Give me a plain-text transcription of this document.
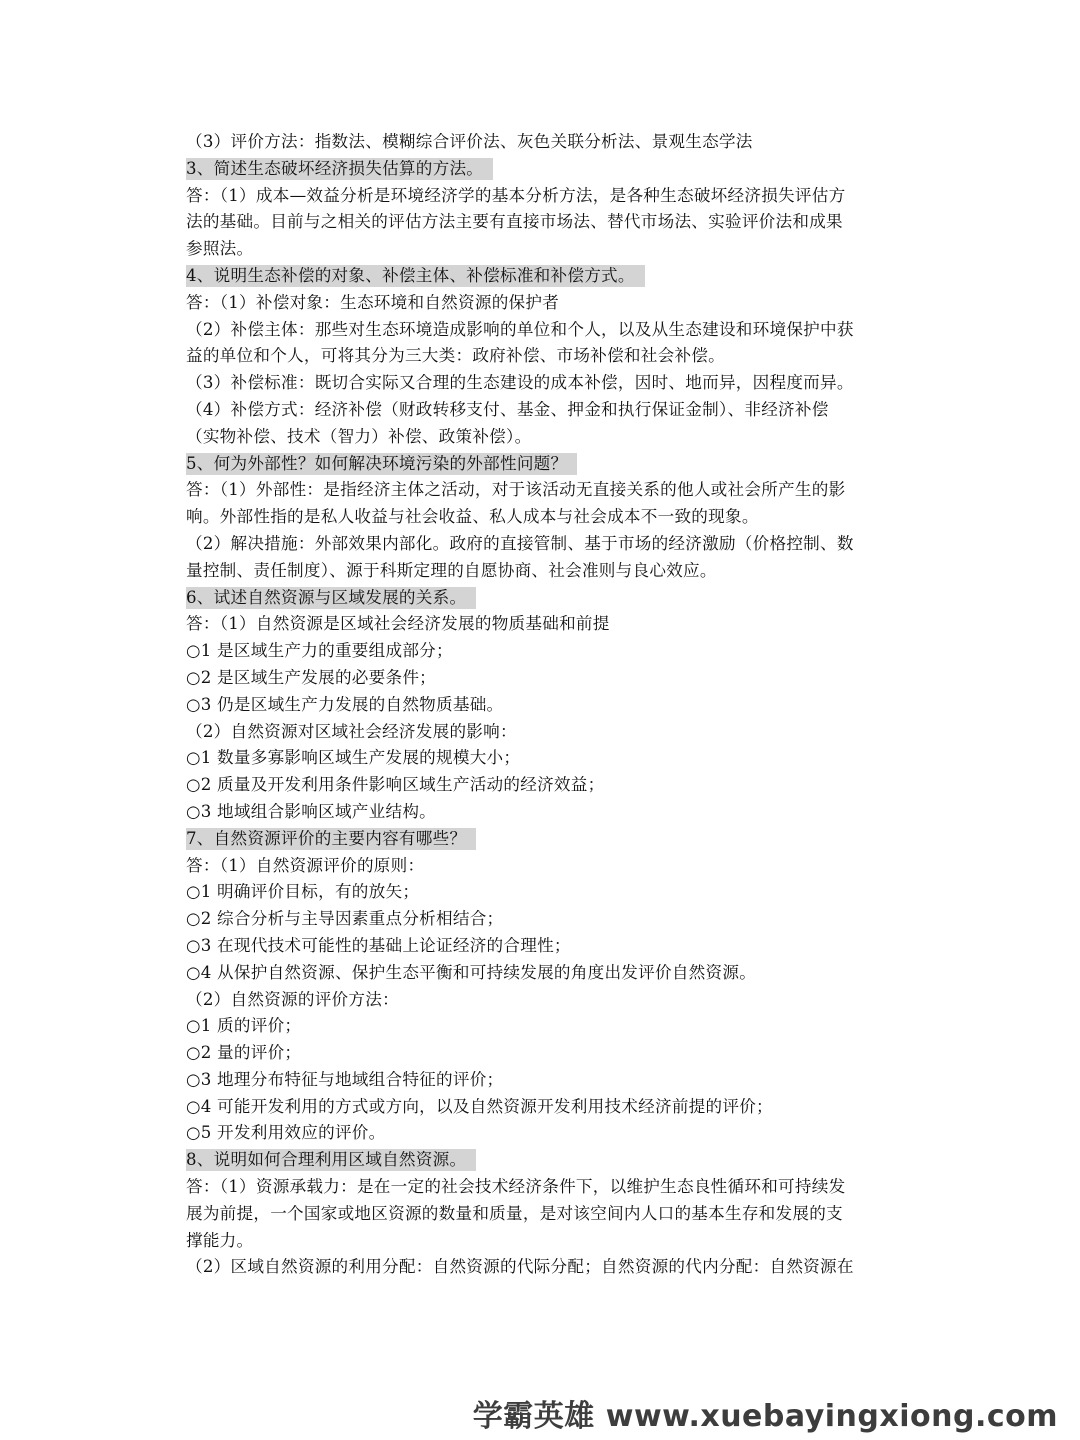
（3）评价方法：指数法、模糊综合评价法、灰色关联分析法、景观生态学法
3、简述生态破坏经济损失估算的方法。
答：（1）成本—效益分析是环境经济学的基本分析方法，是各种生态破坏经济损失评估方
法的基础。目前与之相关的评估方法主要有直接市场法、替代市场法、实验评价法和成果
参照法。
4、说明生态补偿的对象、补偿主体、补偿标准和补偿方式。
答：（1）补偿对象：生态环境和自然资源的保护者
（2）补偿主体：那些对生态环境造成影响的单位和个人，以及从生态建设和环境保护中获
益的单位和个人，可将其分为三大类：政府补偿、市场补偿和社会补偿。
（3）补偿标准：既切合实际又合理的生态建设的成本补偿，因时、地而异，因程度而异。
（4）补偿方式：经济补偿（财政转移支付、基金、押金和执行保证金制）、非经济补偿
（实物补偿、技术（智力）补偿、政策补偿）。
5、何为外部性？如何解决环境污染的外部性问题？
答：（1）外部性：是指经济主体之活动，对于该活动无直接关系的他人或社会所产生的影
响。外部性指的是私人收益与社会收益、私人成本与社会成本不一致的现象。
（2）解决措施：外部效果内部化。政府的直接管制、基于市场的经济激励（价格控制、数
量控制、责任制度）、源于科斯定理的自愿协商、社会准则与良心效应。
6、试述自然资源与区域发展的关系。
答：（1）自然资源是区域社会经济发展的物质基础和前提
○1 是区域生产力的重要组成部分；
○2 是区域生产发展的必要条件；
○3 仍是区域生产力发展的自然物质基础。
（2）自然资源对区域社会经济发展的影响：
○1 数量多寡影响区域生产发展的规模大小；
○2 质量及开发利用条件影响区域生产活动的经济效益；
○3 地域组合影响区域产业结构。
7、自然资源评价的主要内容有哪些？
答：（1）自然资源评价的原则：
○1 明确评价目标，有的放矢；
○2 综合分析与主导因素重点分析相结合；
○3 在现代技术可能性的基础上论证经济的合理性；
○4 从保护自然资源、保护生态平衡和可持续发展的角度出发评价自然资源。
（2）自然资源的评价方法：
○1 质的评价；
○2 量的评价；
○3 地理分布特征与地域组合特征的评价；
○4 可能开发利用的方式或方向，以及自然资源开发利用技术经济前提的评价；
○5 开发利用效应的评价。
8、说明如何合理利用区域自然资源。
答：（1）资源承载力：是在一定的社会技术经济条件下，以维护生态良性循环和可持续发
展为前提，一个国家或地区资源的数量和质量，是对该空间内人口的基本生存和发展的支
撑能力。
（2）区域自然资源的利用分配：自然资源的代际分配；自然资源的代内分配：自然资源在
学霸英雄 www.xuebayingxiong.com
